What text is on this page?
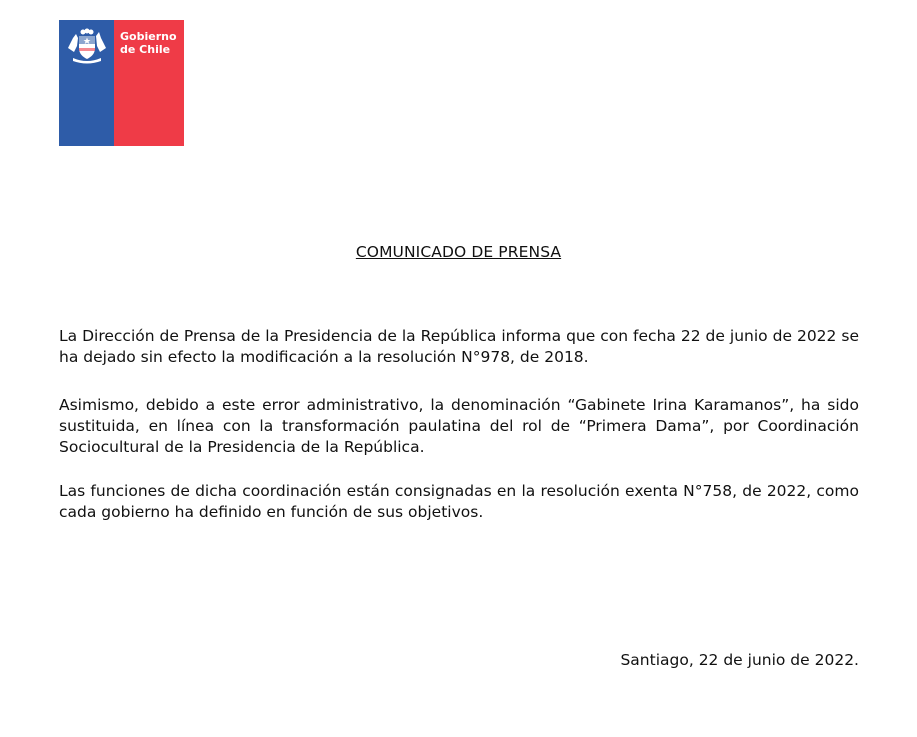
Gobierno
de Chile
COMUNICADO DE PRENSA

La Dirección de Prensa de la Presidencia de la República informa que con fecha 22 de junio de 2022 se ha dejado sin efecto la modificación a la resolución N°978, de 2018.

Asimismo, debido a este error administrativo, la denominación “Gabinete Irina Karamanos”, ha sido sustituida, en línea con la transformación paulatina del rol de “Primera Dama”, por Coordinación Sociocultural de la Presidencia de la República.

Las funciones de dicha coordinación están consignadas en la resolución exenta N°758, de 2022, como cada gobierno ha definido en función de sus objetivos.

Santiago, 22 de junio de 2022.
